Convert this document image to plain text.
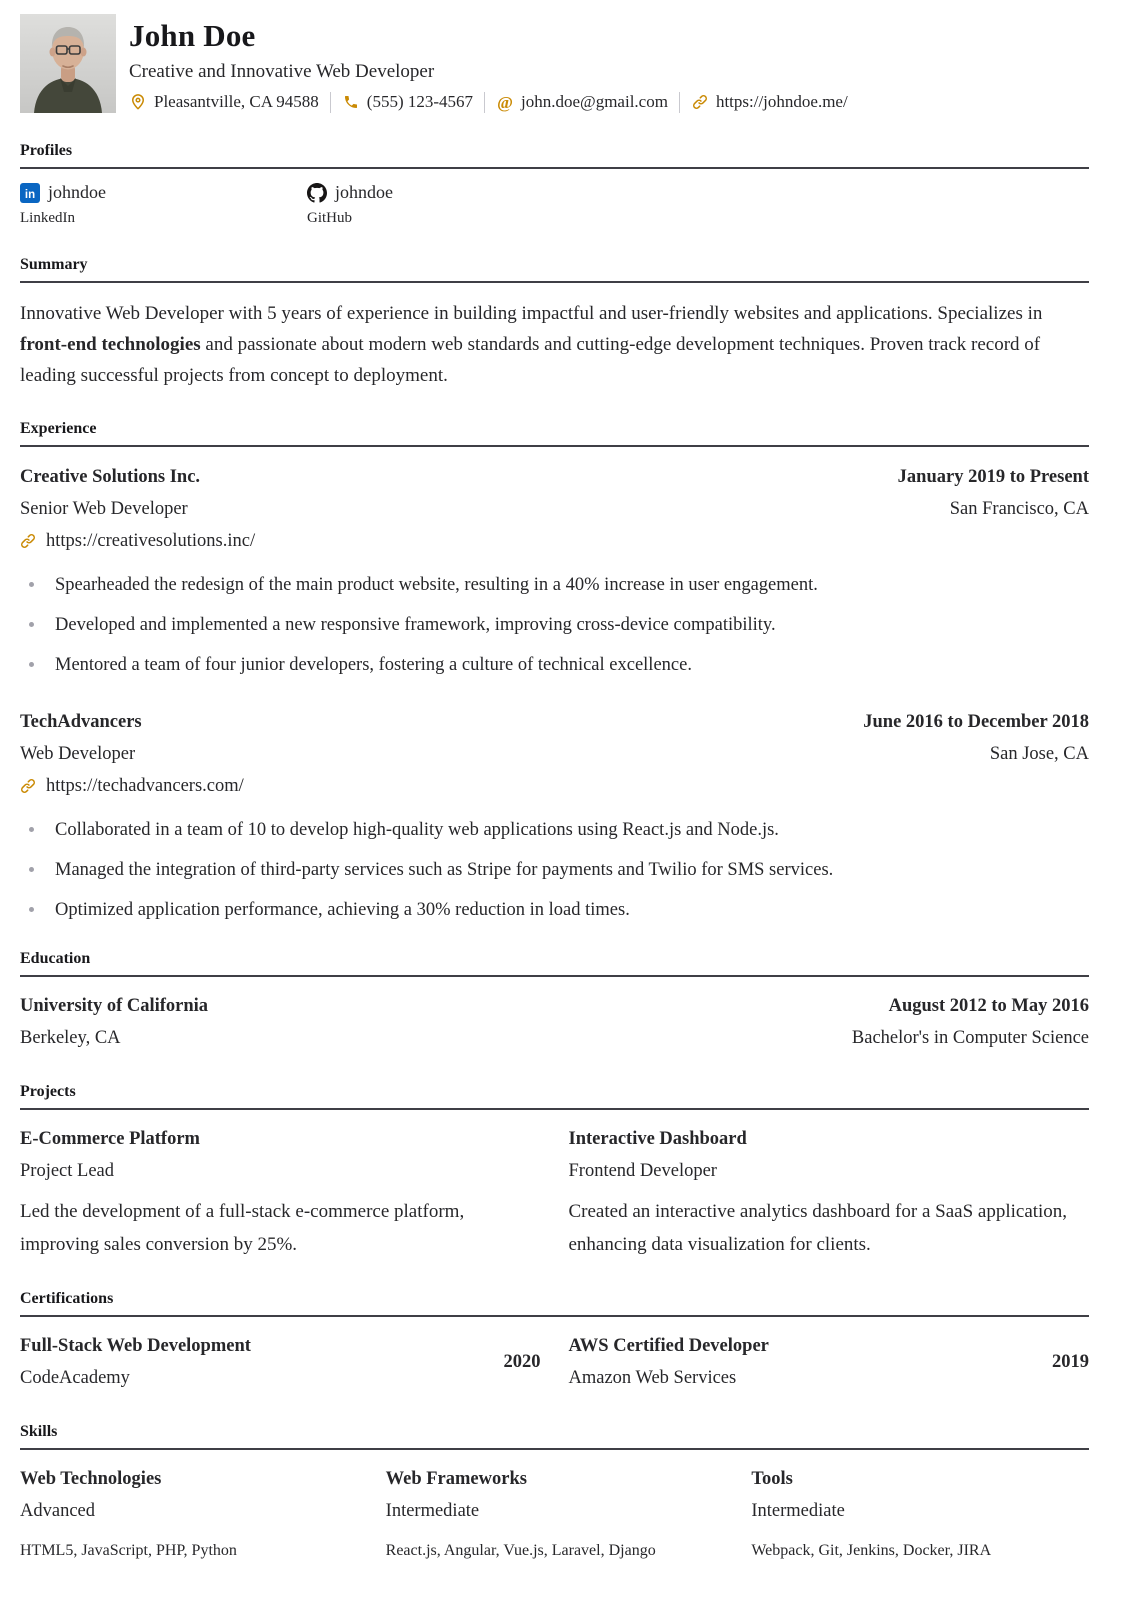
John Doe
Creative and Innovative Web Developer
Pleasantville, CA 94588	(555) 123-4567 @ john.doe@gmail.com	https://johndoe.me/
Profiles
in johndoe
LinkedIn
johndoe
GitHub
Summary

Innovative Web Developer with 5 years of experience in building impactful and user-friendly websites and applications. Specializes in front-end technologies and passionate about modern web standards and cutting-edge development techniques. Proven track record of leading successful projects from concept to deployment.

Experience
Creative Solutions Inc.	January 2019 to Present
Senior Web Developer	San Francisco, CA
https://creativesolutions.inc/
Spearheaded the redesign of the main product website, resulting in a 40% increase in user engagement.
Developed and implemented a new responsive framework, improving cross-device compatibility.
Mentored a team of four junior developers, fostering a culture of technical excellence.
TechAdvancers	June 2016 to December 2018
Web Developer	San Jose, CA
https://techadvancers.com/
Collaborated in a team of 10 to develop high-quality web applications using React.js and Node.js.
Managed the integration of third-party services such as Stripe for payments and Twilio for SMS services.
Optimized application performance, achieving a 30% reduction in load times.
Education
University of California	August 2012 to May 2016
Berkeley, CA	Bachelor's in Computer Science
Projects
E-Commerce Platform
Project Lead
Led the development of a full-stack e-commerce platform, improving sales conversion by 25%.
Interactive Dashboard
Frontend Developer
Created an interactive analytics dashboard for a SaaS application, enhancing data visualization for clients.
Certifications
Full-Stack Web Development
CodeAcademy
2020
AWS Certified Developer
Amazon Web Services
2019
Skills
Web Technologies
Advanced
HTML5, JavaScript, PHP, Python
Web Frameworks
Intermediate
React.js, Angular, Vue.js, Laravel, Django
Tools
Intermediate
Webpack, Git, Jenkins, Docker, JIRA
